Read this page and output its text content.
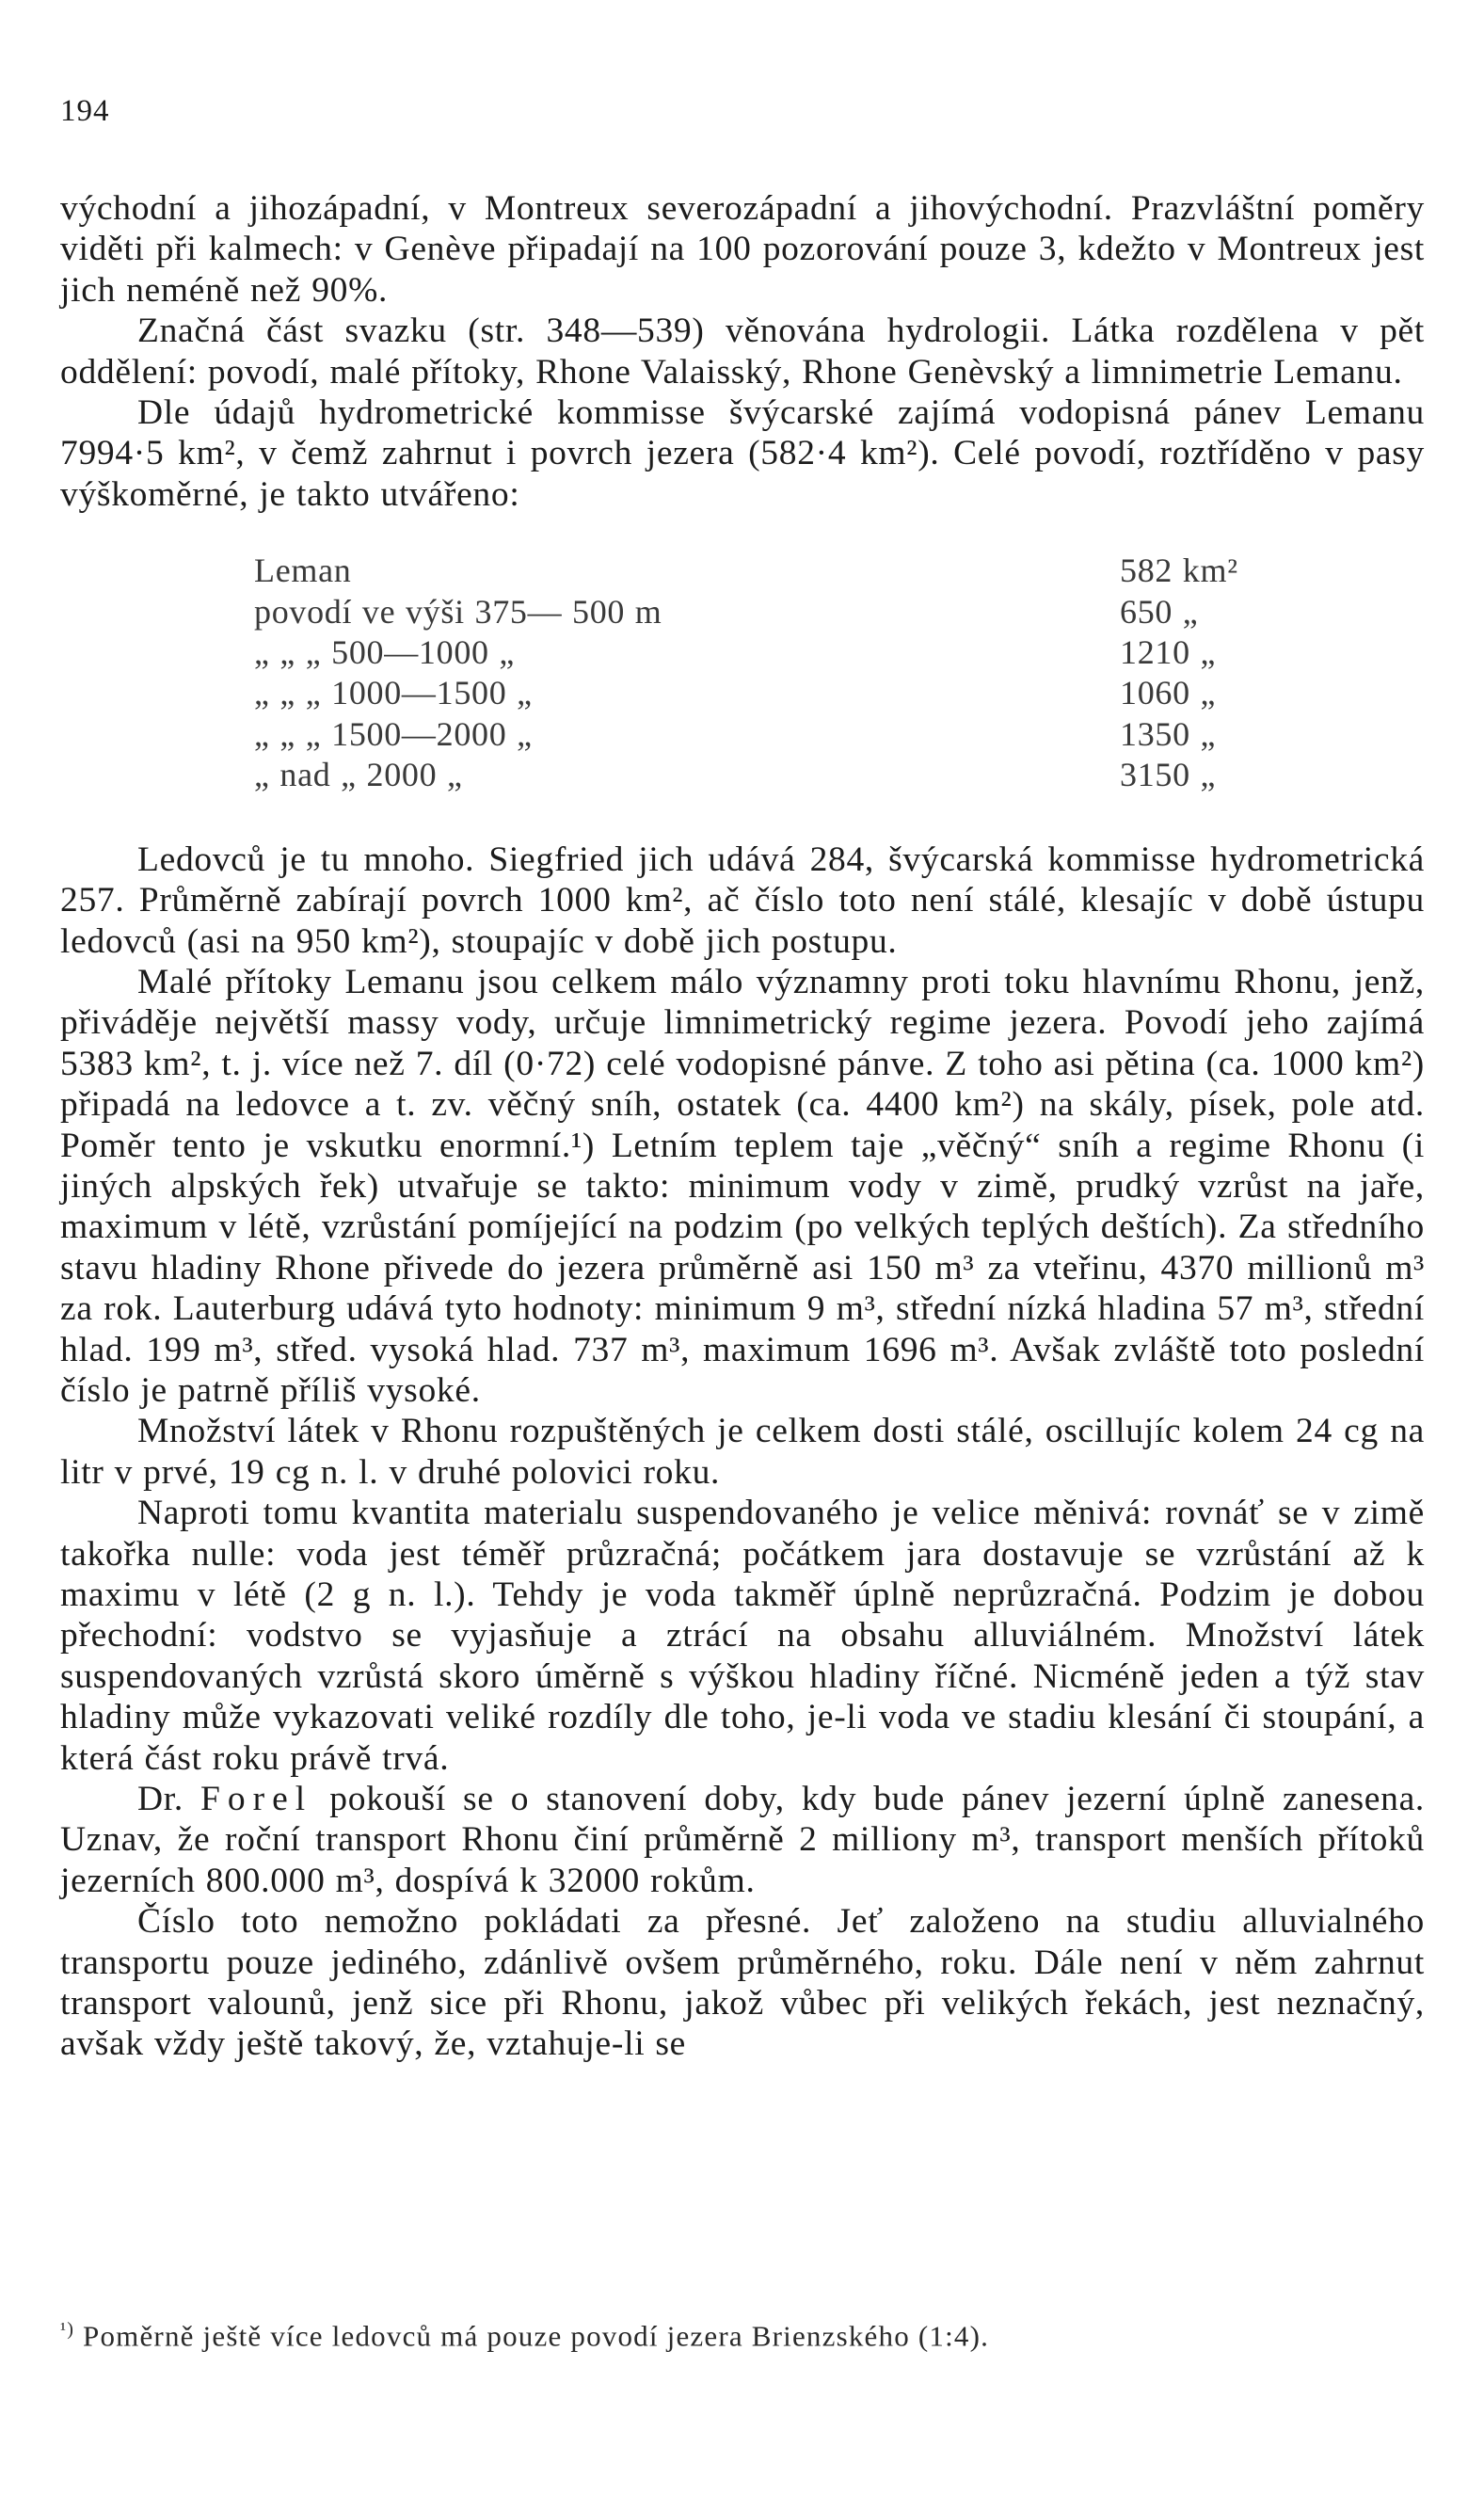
194

východní a jihozápadní, v Montreux severozápadní a jihovýchodní. Prazvláštní poměry viděti při kalmech: v Genève připadají na 100 pozorování pouze 3, kdežto v Montreux jest jich neméně než 90%.

Značná část svazku (str. 348—539) věnována hydrologii. Látka rozdělena v pět oddělení: povodí, malé přítoky, Rhone Valaisský, Rhone Genèvský a limnimetrie Lemanu.

Dle údajů hydrometrické kommisse švýcarské zajímá vodopisná pánev Lemanu 7994·5 km², v čemž zahrnut i povrch jezera (582·4 km²). Celé povodí, roztříděno v pasy výškoměrné, je takto utvářeno:

Leman	582 km²
povodí ve výši 375— 500 m	650 „
„ „ „ 500—1000 „	1210 „
„ „ „ 1000—1500 „	1060 „
„ „ „ 1500—2000 „	1350 „
„ nad „ 2000 „	3150 „

Ledovců je tu mnoho. Siegfried jich udává 284, švýcarská kommisse hydrometrická 257. Průměrně zabírají povrch 1000 km², ač číslo toto není stálé, klesajíc v době ústupu ledovců (asi na 950 km²), stoupajíc v době jich postupu.

Malé přítoky Lemanu jsou celkem málo významny proti toku hlavnímu Rhonu, jenž, přiváděje největší massy vody, určuje limnimetrický regime jezera. Povodí jeho zajímá 5383 km², t. j. více než 7. díl (0·72) celé vodopisné pánve. Z toho asi pětina (ca. 1000 km²) připadá na ledovce a t. zv. věčný sníh, ostatek (ca. 4400 km²) na skály, písek, pole atd. Poměr tento je vskutku enormní.¹) Letním teplem taje „věčný“ sníh a regime Rhonu (i jiných alpských řek) utvařuje se takto: minimum vody v zimě, prudký vzrůst na jaře, maximum v létě, vzrůstání pomíjející na podzim (po velkých teplých deštích). Za středního stavu hladiny Rhone přivede do jezera průměrně asi 150 m³ za vteřinu, 4370 millionů m³ za rok. Lauterburg udává tyto hodnoty: minimum 9 m³, střední nízká hladina 57 m³, střední hlad. 199 m³, střed. vysoká hlad. 737 m³, maximum 1696 m³. Avšak zvláště toto poslední číslo je patrně příliš vysoké.

Množství látek v Rhonu rozpuštěných je celkem dosti stálé, oscillujíc kolem 24 cg na litr v prvé, 19 cg n. l. v druhé polovici roku.

Naproti tomu kvantita materialu suspendovaného je velice měnivá: rovnáť se v zimě takořka nulle: voda jest téměř průzračná; počátkem jara dostavuje se vzrůstání až k maximu v létě (2 g n. l.). Tehdy je voda takměř úplně neprůzračná. Podzim je dobou přechodní: vodstvo se vyjasňuje a ztrácí na obsahu alluviálném. Množství látek suspendovaných vzrůstá skoro úměrně s výškou hladiny říčné. Nicméně jeden a týž stav hladiny může vykazovati veliké rozdíly dle toho, je-li voda ve stadiu klesání či stoupání, a která část roku právě trvá.

Dr. Forel pokouší se o stanovení doby, kdy bude pánev jezerní úplně zanesena. Uznav, že roční transport Rhonu činí průměrně 2 milliony m³, transport menších přítoků jezerních 800.000 m³, dospívá k 32000 rokům.

Číslo toto nemožno pokládati za přesné. Jeť založeno na studiu alluvialného transportu pouze jediného, zdánlivě ovšem průměrného, roku. Dále není v něm zahrnut transport valounů, jenž sice při Rhonu, jakož vůbec při velikých řekách, jest neznačný, avšak vždy ještě takový, že, vztahuje-li se

$^{^1)}$ Poměrně ještě více ledovců má pouze povodí jezera Brienzského (1:4).
